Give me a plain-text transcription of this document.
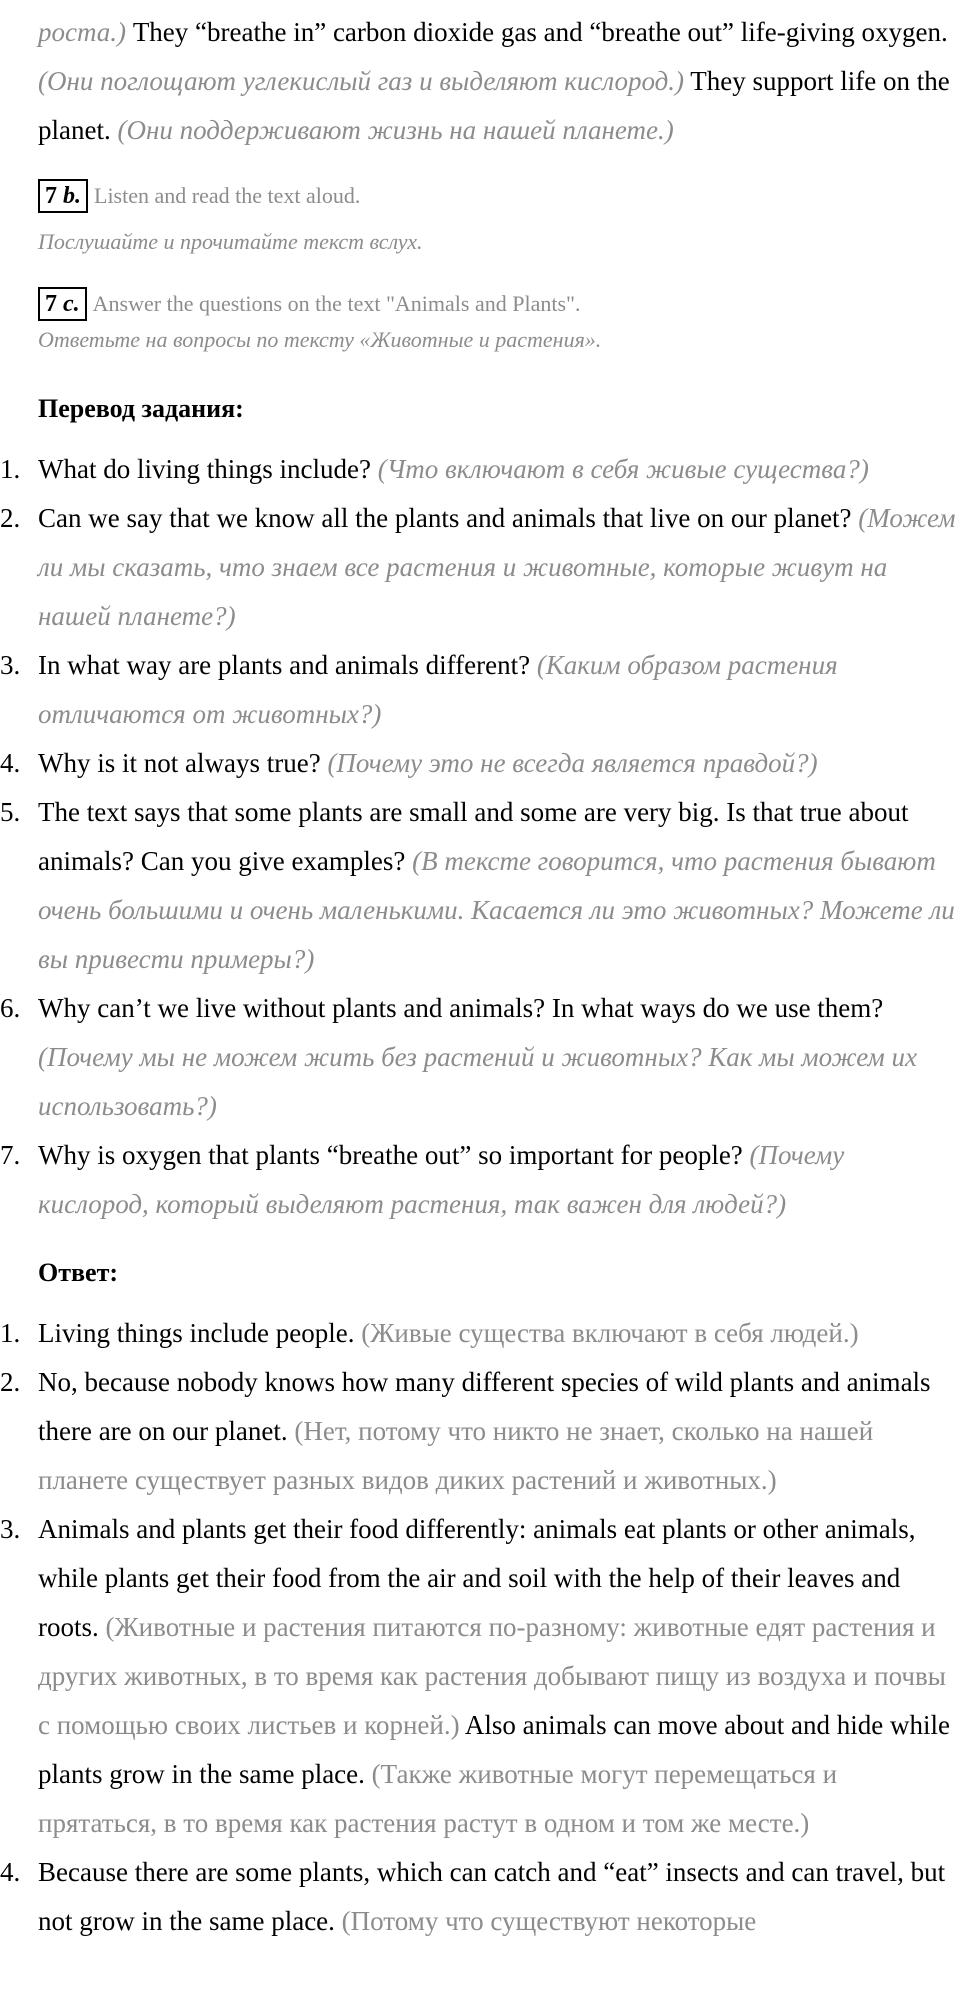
роста.) They “breathe in” carbon dioxide gas and “breathe out” life-giving oxygen. (Они поглощают углекислый газ и выделяют кислород.) They support life on the planet. (Они поддерживают жизнь на нашей планете.)

7 b. Listen and read the text aloud.
Послушайте и прочитайте текст вслух.
7 c. Answer the questions on the text "Animals and Plants".
Ответьте на вопросы по тексту «Животные и растения».
Перевод задания:
1. What do living things include? (Что включают в себя живые существа?)
2. Can we say that we know all the plants and animals that live on our planet? (Можем ли мы сказать, что знаем все растения и животные, которые живут на нашей планете?)
3. In what way are plants and animals different? (Каким образом растения отличаются от животных?)
4. Why is it not always true? (Почему это не всегда является правдой?)
5. The text says that some plants are small and some are very big. Is that true about animals? Can you give examples? (В тексте говорится, что растения бывают очень большими и очень маленькими. Касается ли это животных? Можете ли вы привести примеры?)
6. Why can’t we live without plants and animals? In what ways do we use them? (Почему мы не можем жить без растений и животных? Как мы можем их использовать?)
7. Why is oxygen that plants “breathe out” so important for people? (Почему кислород, который выделяют растения, так важен для людей?)
Ответ:
1. Living things include people. (Живые существа включают в себя людей.)
2. No, because nobody knows how many different species of wild plants and animals there are on our planet. (Нет, потому что никто не знает, сколько на нашей планете существует разных видов диких растений и животных.)
3. Animals and plants get their food differently: animals eat plants or other animals, while plants get their food from the air and soil with the help of their leaves and roots. (Животные и растения питаются по-разному: животные едят растения и других животных, в то время как растения добывают пищу из воздуха и почвы с помощью своих листьев и корней.) Also animals can move about and hide while plants grow in the same place. (Также животные могут перемещаться и прятаться, в то время как растения растут в одном и том же месте.)
4. Because there are some plants, which can catch and “eat” insects and can travel, but not grow in the same place. (Потому что существуют некоторые
